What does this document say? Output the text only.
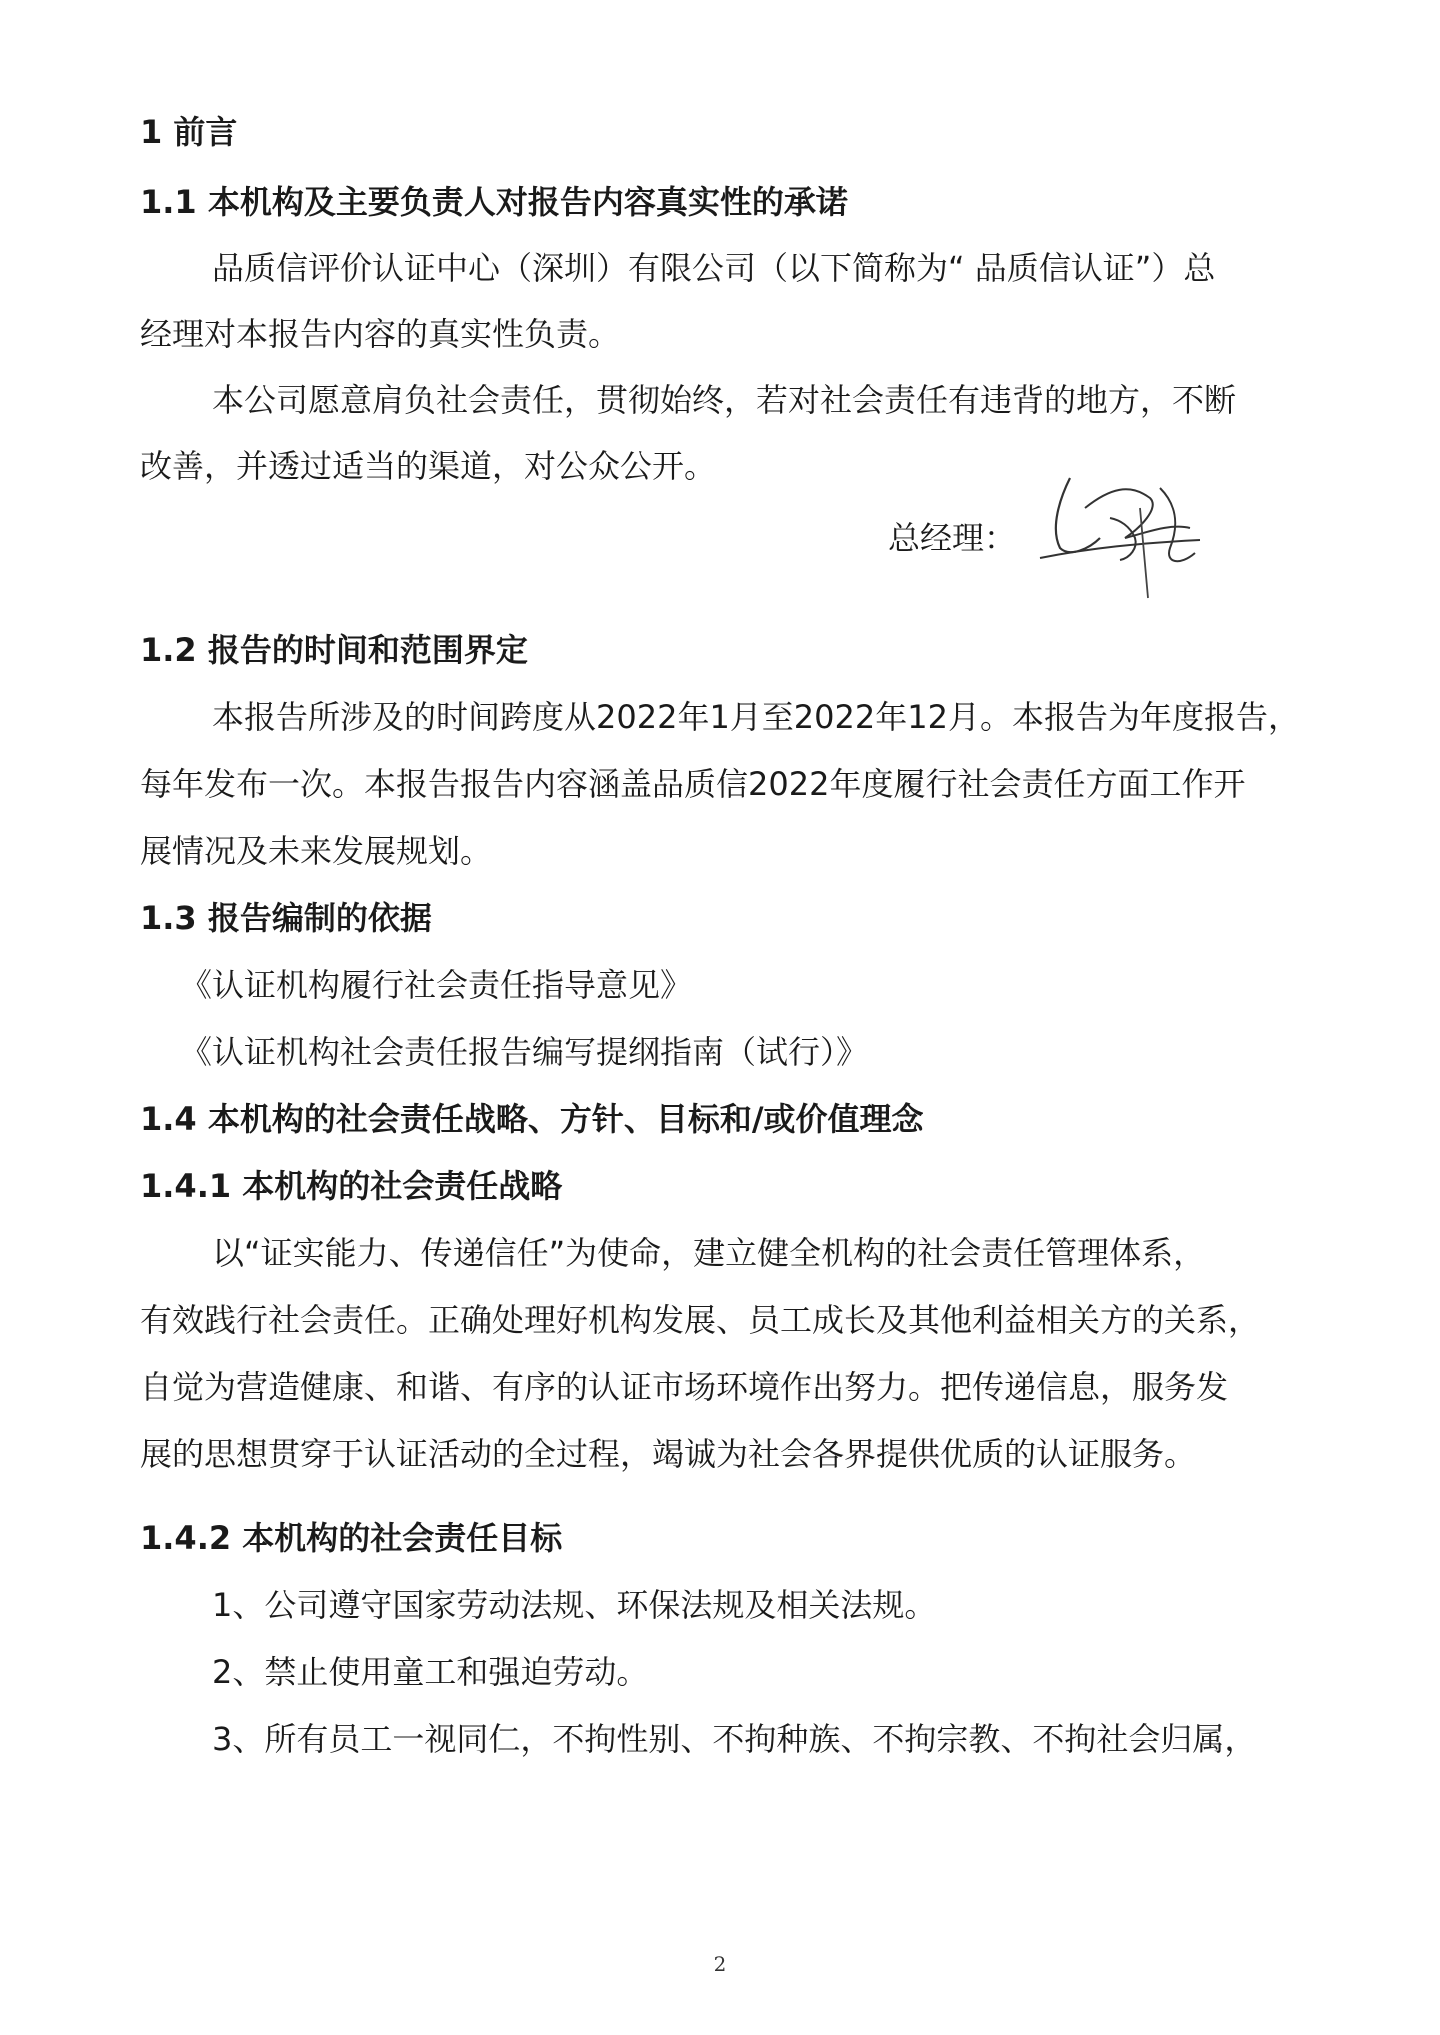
1 前言
1.1 本机构及主要负责人对报告内容真实性的承诺
品质信评价认证中心（深圳）有限公司（以下简称为“ 品质信认证”）总
经理对本报告内容的真实性负责。
本公司愿意肩负社会责任，贯彻始终，若对社会责任有违背的地方，不断
改善，并透过适当的渠道，对公众公开。
总经理：
1.2 报告的时间和范围界定
本报告所涉及的时间跨度从2022年1月至2022年12月。本报告为年度报告，
每年发布一次。本报告报告内容涵盖品质信2022年度履行社会责任方面工作开
展情况及未来发展规划。
1.3 报告编制的依据
《认证机构履行社会责任指导意见》
《认证机构社会责任报告编写提纲指南（试行）》
1.4 本机构的社会责任战略、方针、目标和/或价值理念
1.4.1 本机构的社会责任战略
以“证实能力、传递信任”为使命，建立健全机构的社会责任管理体系，
有效践行社会责任。正确处理好机构发展、员工成长及其他利益相关方的关系，
自觉为营造健康、和谐、有序的认证市场环境作出努力。把传递信息，服务发
展的思想贯穿于认证活动的全过程，竭诚为社会各界提供优质的认证服务。
1.4.2 本机构的社会责任目标
1、公司遵守国家劳动法规、环保法规及相关法规。
2、禁止使用童工和强迫劳动。
3、所有员工一视同仁，不拘性别、不拘种族、不拘宗教、不拘社会归属，
2
